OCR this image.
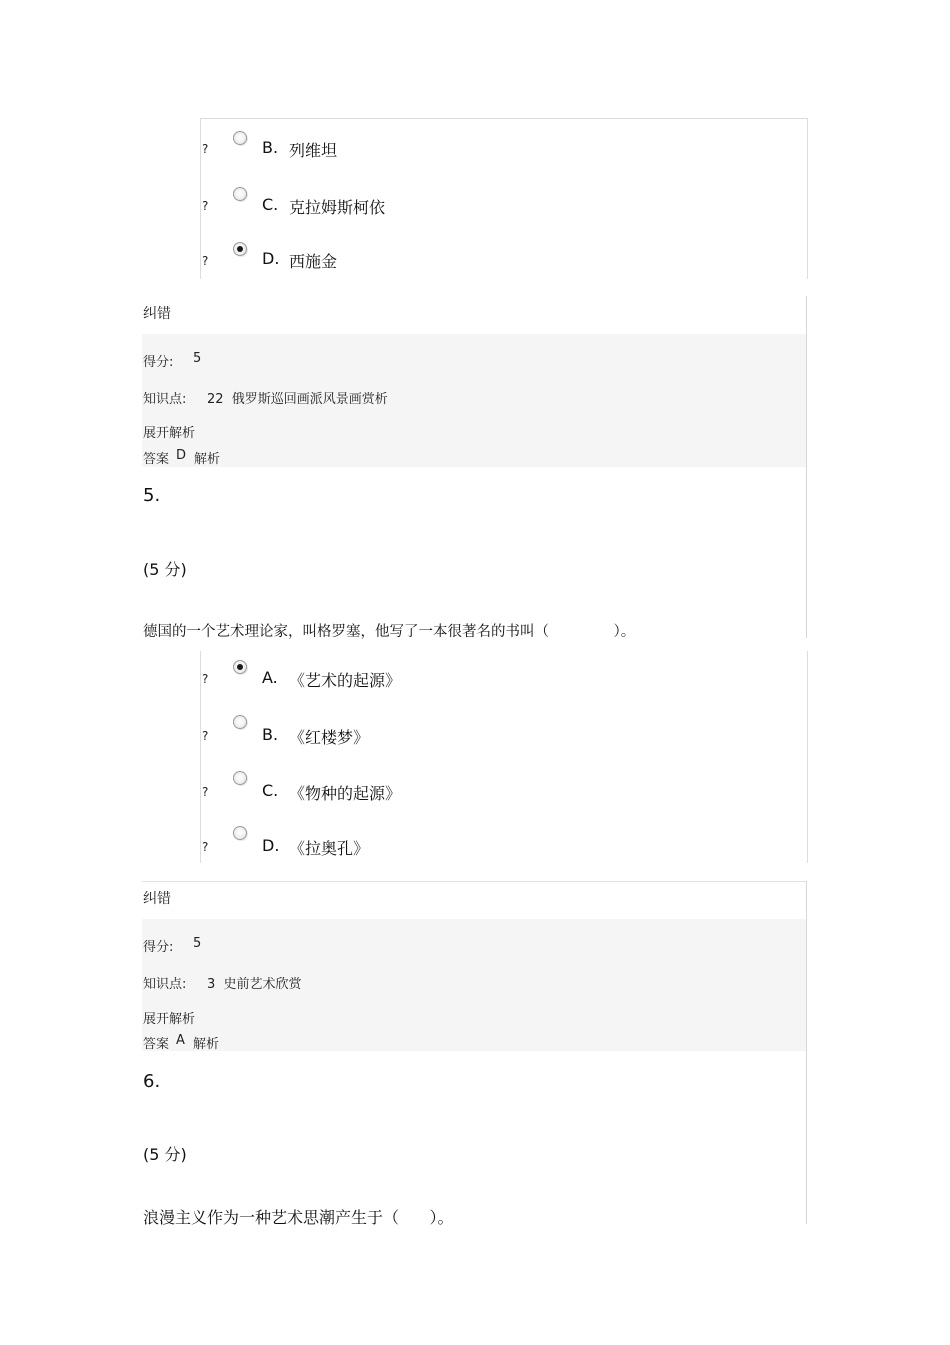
?	B. 列维坦
?	C. 克拉姆斯柯依
?	D. 西施金
纠错
得分: 5
知识点: 22  俄罗斯巡回画派风景画赏析
展开解析
答案 D 解析
5.
(5 分)
德国的一个艺术理论家，叫格罗塞，他写了一本很著名的书叫（              ）。
?	A. 《艺术的起源》
?	B. 《红楼梦》
?	C. 《物种的起源》
?	D. 《拉奥孔》
纠错
得分: 5
知识点: 3  史前艺术欣赏
展开解析
答案 A 解析
6.
(5 分)
浪漫主义作为一种艺术思潮产生于（      ）。
